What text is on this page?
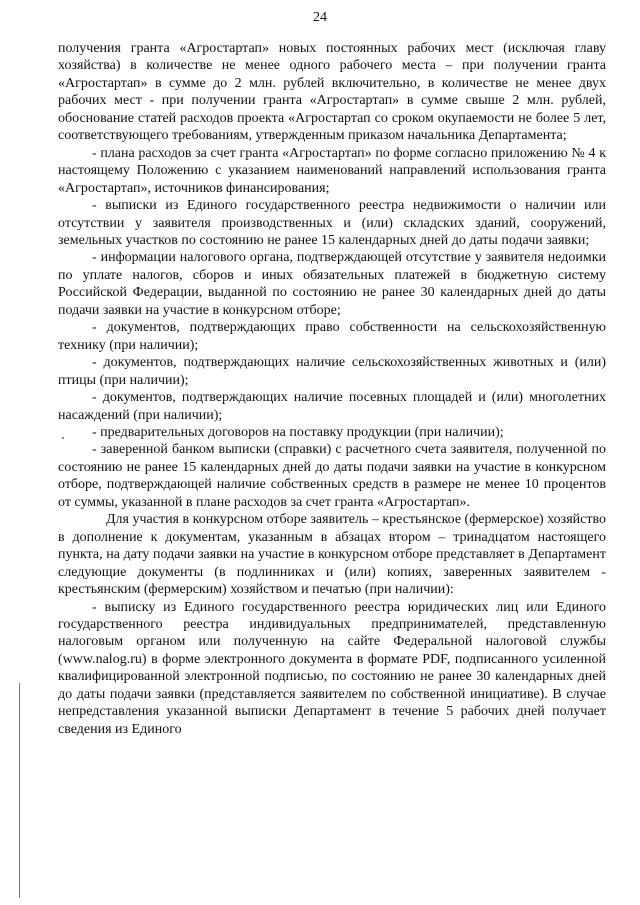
24

получения гранта «Агростартап» новых постоянных рабочих мест (исключая главу хозяйства) в количестве не менее одного рабочего места – при получении гранта «Агростартап» в сумме до 2 млн. рублей включительно, в количестве не менее двух рабочих мест - при получении гранта «Агростартап» в сумме свыше 2 млн. рублей, обоснование статей расходов проекта «Агростартап со сроком окупаемости не более 5 лет, соответствующего требованиям, утвержденным приказом начальника Департамента;

- плана расходов за счет гранта «Агростартап» по форме согласно приложению № 4 к настоящему Положению с указанием наименований направлений использования гранта «Агростартап», источников финансирования;

- выписки из Единого государственного реестра недвижимости о наличии или отсутствии у заявителя производственных и (или) складских зданий, сооружений, земельных участков по состоянию не ранее 15 календарных дней до даты подачи заявки;

- информации налогового органа, подтверждающей отсутствие у заявителя недоимки по уплате налогов, сборов и иных обязательных платежей в бюджетную систему Российской Федерации, выданной по состоянию не ранее 30 календарных дней до даты подачи заявки на участие в конкурсном отборе;

- документов, подтверждающих право собственности на сельскохозяйственную технику (при наличии);

- документов, подтверждающих наличие сельскохозяйственных животных и (или) птицы (при наличии);

- документов, подтверждающих наличие посевных площадей и (или) многолетних насаждений (при наличии);

- предварительных договоров на поставку продукции (при наличии);

- заверенной банком выписки (справки) с расчетного счета заявителя, полученной по состоянию не ранее 15 календарных дней до даты подачи заявки на участие в конкурсном отборе, подтверждающей наличие собственных средств в размере не менее 10 процентов от суммы, указанной в плане расходов за счет гранта «Агростартап».

Для участия в конкурсном отборе заявитель – крестьянское (фермерское) хозяйство в дополнение к документам, указанным в абзацах втором – тринадцатом настоящего пункта, на дату подачи заявки на участие в конкурсном отборе представляет в Департамент следующие документы (в подлинниках и (или) копиях, заверенных заявителем - крестьянским (фермерским) хозяйством и печатью (при наличии):

- выписку из Единого государственного реестра юридических лиц или Единого государственного реестра индивидуальных предпринимателей, представленную налоговым органом или полученную на сайте Федеральной налоговой службы (www.nalog.ru) в форме электронного документа в формате PDF, подписанного усиленной квалифицированной электронной подписью, по состоянию не ранее 30 календарных дней до даты подачи заявки (представляется заявителем по собственной инициативе). В случае непредставления указанной выписки Департамент в течение 5 рабочих дней получает сведения из Единого
